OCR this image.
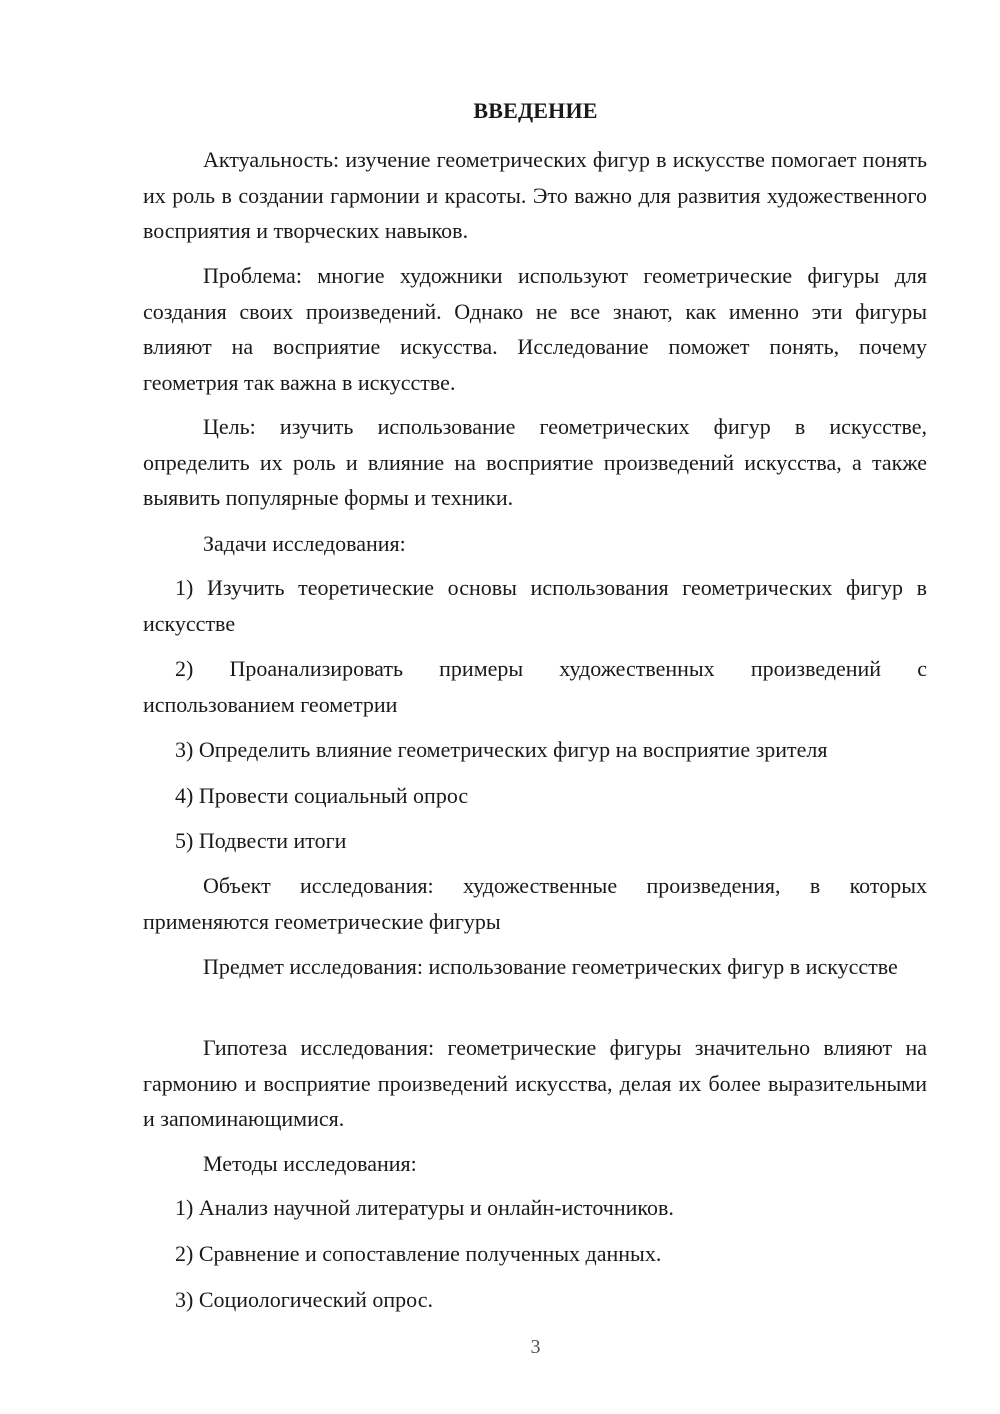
ВВЕДЕНИЕ

Актуальность: изучение геометрических фигур в искусстве помогает понять их роль в создании гармонии и красоты. Это важно для развития художественного восприятия и творческих навыков.

Проблема: многие художники используют геометрические фигуры для создания своих произведений. Однако не все знают, как именно эти фигуры влияют на восприятие искусства. Исследование поможет понять, почему геометрия так важна в искусстве.

Цель: изучить использование геометрических фигур в искусстве, определить их роль и влияние на восприятие произведений искусства, а также выявить популярные формы и техники.

Задачи исследования:

1) Изучить теоретические основы использования геометрических фигур в искусстве

2) Проанализировать примеры художественных произведений с использованием геометрии

3) Определить влияние геометрических фигур на восприятие зрителя

4) Провести социальный опрос

5) Подвести итоги

Объект исследования: художественные произведения, в которых применяются геометрические фигуры

Предмет исследования: использование геометрических фигур в искусстве

Гипотеза исследования: геометрические фигуры значительно влияют на гармонию и восприятие произведений искусства, делая их более выразительными и запоминающимися.

Методы исследования:

1) Анализ научной литературы и онлайн-источников.

2) Сравнение и сопоставление полученных данных.

3) Социологический опрос.

3
